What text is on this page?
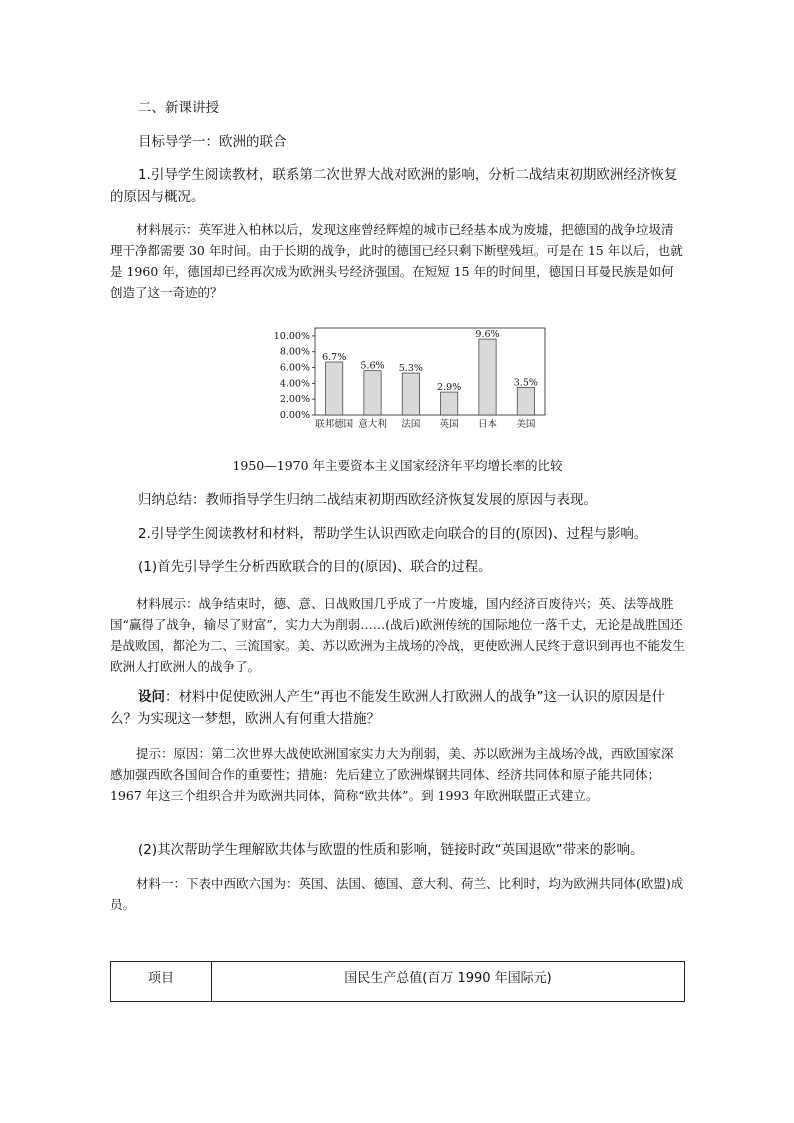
二、新课讲授

目标导学一：欧洲的联合

1.引导学生阅读教材，联系第二次世界大战对欧洲的影响，分析二战结束初期欧洲经济恢复的原因与概况。

材料展示：英军进入柏林以后，发现这座曾经辉煌的城市已经基本成为废墟，把德国的战争垃圾清理干净都需要 30 年时间。由于长期的战争，此时的德国已经只剩下断壁残垣。可是在 15 年以后，也就是 1960 年，德国却已经再次成为欧洲头号经济强国。在短短 15 年的时间里，德国日耳曼民族是如何创造了这一奇迹的？

0.00%
2.00%
4.00%
6.00%
8.00%
10.00%
6.7%
联邦德国
5.6%
意大利
5.3%
法国
2.9%
英国
9.6%
日本
3.5%
美国
1950—1970 年主要资本主义国家经济年平均增长率的比较

归纳总结：教师指导学生归纳二战结束初期西欧经济恢复发展的原因与表现。

2.引导学生阅读教材和材料，帮助学生认识西欧走向联合的目的(原因)、过程与影响。

(1)首先引导学生分析西欧联合的目的(原因)、联合的过程。

材料展示：战争结束时，德、意、日战败国几乎成了一片废墟，国内经济百废待兴；英、法等战胜国“赢得了战争，输尽了财富”，实力大为削弱……(战后)欧洲传统的国际地位一落千丈，无论是战胜国还是战败国，都沦为二、三流国家。美、苏以欧洲为主战场的冷战，更使欧洲人民终于意识到再也不能发生欧洲人打欧洲人的战争了。

设问：材料中促使欧洲人产生“再也不能发生欧洲人打欧洲人的战争”这一认识的原因是什么？为实现这一梦想，欧洲人有何重大措施？

提示：原因：第二次世界大战使欧洲国家实力大为削弱，美、苏以欧洲为主战场冷战，西欧国家深感加强西欧各国间合作的重要性；措施：先后建立了欧洲煤钢共同体、经济共同体和原子能共同体；1967 年这三个组织合并为欧洲共同体，简称“欧共体”。到 1993 年欧洲联盟正式建立。

(2)其次帮助学生理解欧共体与欧盟的性质和影响，链接时政“英国退欧”带来的影响。

材料一：下表中西欧六国为：英国、法国、德国、意大利、荷兰、比利时，均为欧洲共同体(欧盟)成员。

项目	国民生产总值(百万 1990 年国际元)
